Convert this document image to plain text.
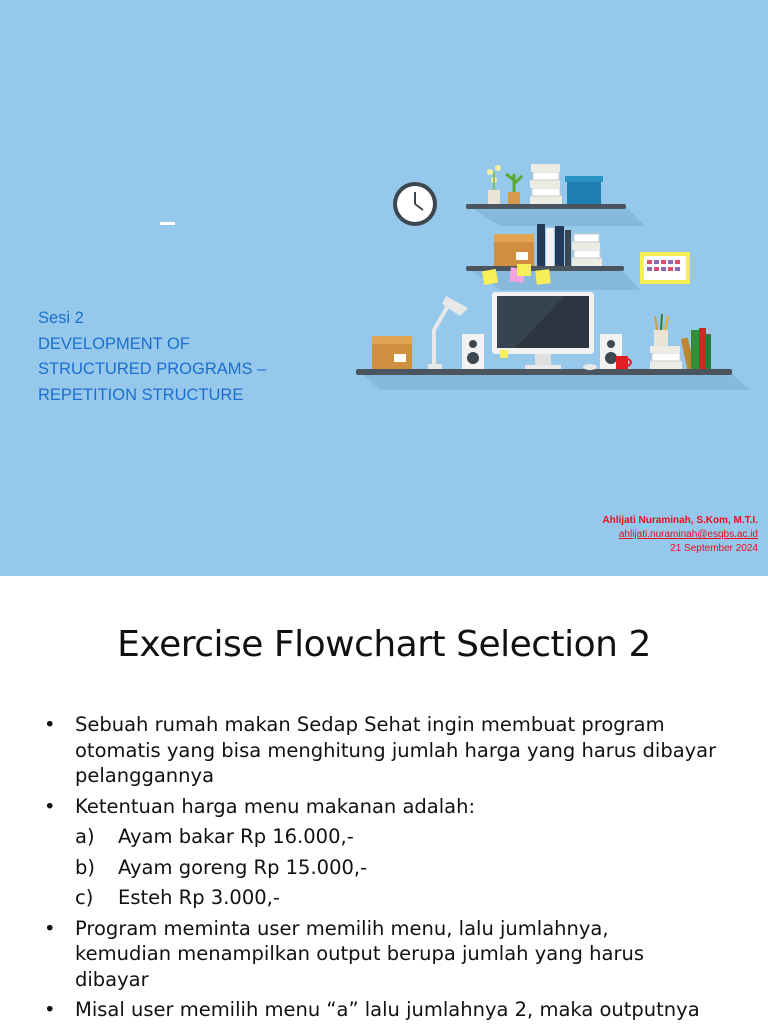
Sesi 2
DEVELOPMENT OF
STRUCTURED PROGRAMS –
REPETITION STRUCTURE
Ahlijati Nuraminah, S.Kom, M.T.I.
ahlijati.nuraminah@esqbs.ac.id
21 September 2024
Exercise Flowchart Selection 2
• Sebuah rumah makan Sedap Sehat ingin membuat program
otomatis yang bisa menghitung jumlah harga yang harus dibayar
pelanggannya
• Ketentuan harga menu makanan adalah:
a) Ayam bakar Rp 16.000,-
b) Ayam goreng Rp 15.000,-
c) Esteh Rp 3.000,-
• Program meminta user memilih menu, lalu jumlahnya,
kemudian menampilkan output berupa jumlah yang harus
dibayar
• Misal user memilih menu “a” lalu jumlahnya 2, maka outputnya
